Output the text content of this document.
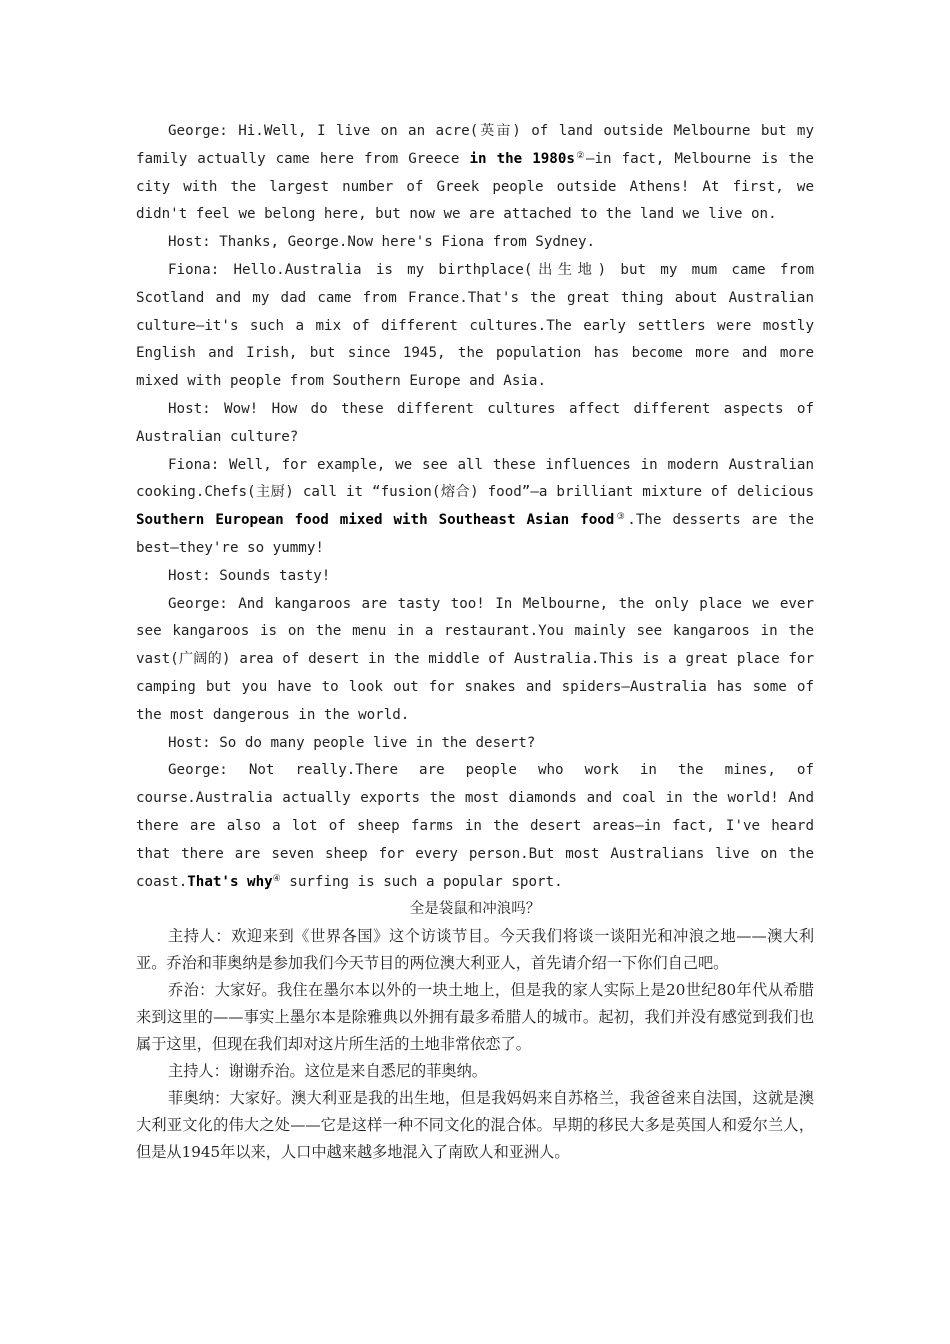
George: Hi.Well, I live on an acre(英亩) of land outside Melbourne but my family actually came here from Greece in the 1980s②—in fact, Melbourne is the city with the largest number of Greek people outside Athens! At first, we didn't feel we belong here, but now we are attached to the land we live on.

Host: Thanks, George.Now here's Fiona from Sydney.

Fiona: Hello.Australia is my birthplace(出生地) but my mum came from Scotland and my dad came from France.That's the great thing about Australian culture—it's such a mix of different cultures.The early settlers were mostly English and Irish, but since 1945, the population has become more and more mixed with people from Southern Europe and Asia.

Host: Wow! How do these different cultures affect different aspects of Australian culture?

Fiona: Well, for example, we see all these influences in modern Australian cooking.Chefs(主厨) call it “fusion(熔合) food”—a brilliant mixture of delicious Southern European food mixed with Southeast Asian food③.The desserts are the best—they're so yummy!

Host: Sounds tasty!

George: And kangaroos are tasty too! In Melbourne, the only place we ever see kangaroos is on the menu in a restaurant.You mainly see kangaroos in the vast(广阔的) area of desert in the middle of Australia.This is a great place for camping but you have to look out for snakes and spiders—Australia has some of the most dangerous in the world.

Host: So do many people live in the desert?

George: Not really.There are people who work in the mines, of course.Australia actually exports the most diamonds and coal in the world! And there are also a lot of sheep farms in the desert areas—in fact, I've heard that there are seven sheep for every person.But most Australians live on the coast.That's why④ surfing is such a popular sport.

全是袋鼠和冲浪吗？

主持人：欢迎来到《世界各国》这个访谈节目。今天我们将谈一谈阳光和冲浪之地——澳大利亚。乔治和菲奥纳是参加我们今天节目的两位澳大利亚人，首先请介绍一下你们自己吧。

乔治：大家好。我住在墨尔本以外的一块土地上，但是我的家人实际上是20世纪80年代从希腊来到这里的——事实上墨尔本是除雅典以外拥有最多希腊人的城市。起初，我们并没有感觉到我们也属于这里，但现在我们却对这片所生活的土地非常依恋了。

主持人：谢谢乔治。这位是来自悉尼的菲奥纳。

菲奥纳：大家好。澳大利亚是我的出生地，但是我妈妈来自苏格兰，我爸爸来自法国，这就是澳大利亚文化的伟大之处——它是这样一种不同文化的混合体。早期的移民大多是英国人和爱尔兰人，但是从1945年以来，人口中越来越多地混入了南欧人和亚洲人。
